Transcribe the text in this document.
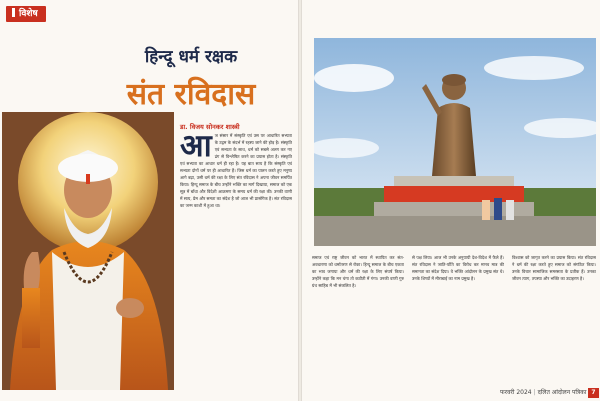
विशेष
हिन्दू धर्म रक्षक
संत रविदास
डा. विजय सोनकर शास्त्री
आज संसार में संस्कृति एवं उस पर आधारित सभ्यता के उद्गम के संदर्भ में रहस्य जाने की होड़ है। संस्कृति एवं सभ्यता के साथ, धर्म को सबसे अलग कर नए ढंग से विश्लेषित करने का प्रयास होता है। संस्कृति एवं सभ्यता का आधार धर्म ही रहा है। यह बात सत्य है कि संस्कृति एवं सभ्यता दोनों धर्म पर ही आधारित हैं। जिस धर्म का पालन करते हुए मनुष्य आगे बढ़ा, उसी धर्म की रक्षा के लिए संत रविदास ने अपना जीवन समर्पित किया। हिन्दू समाज के बीच उन्होंने भक्ति का मार्ग दिखाया, समाज को एक सूत्र में बाँधा और विदेशी आक्रमण के समय धर्म की रक्षा की। उनकी वाणी में सत्य, प्रेम और समता का संदेश है जो आज भी प्रासंगिक है। संत रविदास का जन्म काशी में हुआ था।
समाज एवं राष्ट्र जीवन को भारत में स्थापित कर संत-अवधारणा को धर्मांतरण से रोका। हिन्दू समाज के बीच एकता का भाव जगाया और धर्म की रक्षा के लिए संघर्ष किया। उन्होंने कहा कि मन चंगा तो कठौती में गंगा। उनकी वाणी गुरु ग्रंथ साहिब में भी संकलित है।
से पक्ष लिया। आज भी उनके अनुयायी देश-विदेश में फैले हैं। संत रविदास ने जाति-पाँति का विरोध कर मानव मात्र की समानता का संदेश दिया। वे भक्ति आंदोलन के प्रमुख संत थे। उनके शिष्यों में मीराबाई का नाम प्रमुख है।
विश्वास को जागृत करने का प्रयास किया। संत रविदास ने धर्म की रक्षा करते हुए समाज को संगठित किया। उनके विचार सामाजिक समरसता के प्रतीक हैं। उनका जीवन त्याग, तपस्या और भक्ति का उदाहरण है।
फरवरी 2024 | दलित आंदोलन पत्रिका 7
